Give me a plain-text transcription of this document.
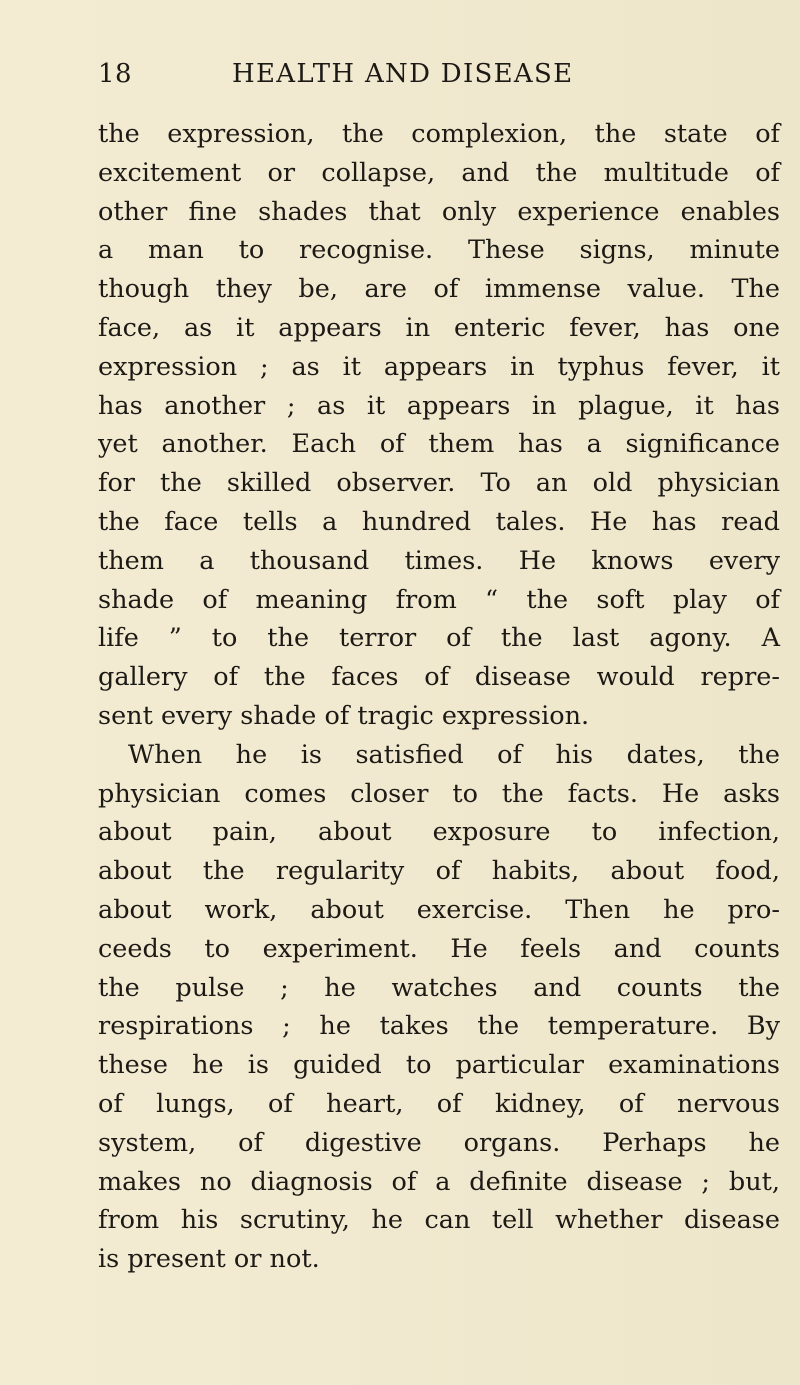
18	HEALTH AND DISEASE
the expression, the complexion, the state of
excitement or collapse, and the multitude of
other fine shades that only experience enables
a man to recognise. These signs, minute
though they be, are of immense value. The
face, as it appears in enteric fever, has one
expression ; as it appears in typhus fever, it
has another ; as it appears in plague, it has
yet another. Each of them has a significance
for the skilled observer. To an old physician
the face tells a hundred tales. He has read
them a thousand times. He knows every
shade of meaning from “ the soft play of
life ” to the terror of the last agony. A
gallery of the faces of disease would repre-
sent every shade of tragic expression.
When he is satisfied of his dates, the
physician comes closer to the facts. He asks
about pain, about exposure to infection,
about the regularity of habits, about food,
about work, about exercise. Then he pro-
ceeds to experiment. He feels and counts
the pulse ; he watches and counts the
respirations ; he takes the temperature. By
these he is guided to particular examinations
of lungs, of heart, of kidney, of nervous
system, of digestive organs. Perhaps he
makes no diagnosis of a definite disease ; but,
from his scrutiny, he can tell whether disease
is present or not.
